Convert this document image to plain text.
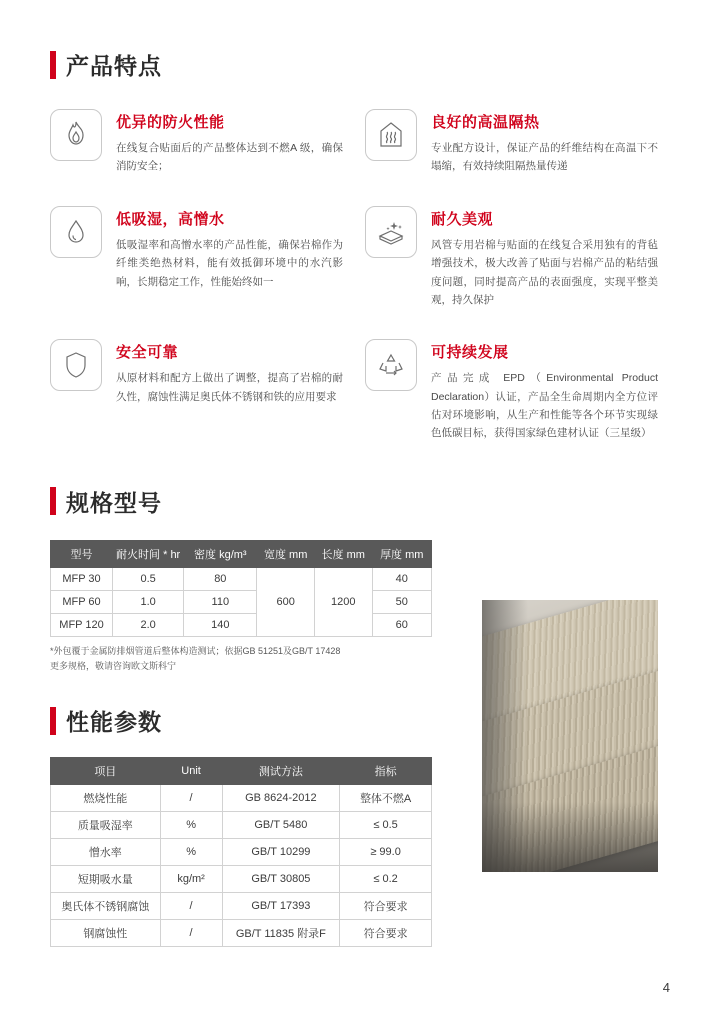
产品特点
优异的防火性能
在线复合贴面后的产品整体达到不燃A 级，确保消防安全；
良好的高温隔热
专业配方设计，保证产品的纤维结构在高温下不塌缩，有效持续阻隔热量传递
低吸湿，高憎水
低吸湿率和高憎水率的产品性能，确保岩棉作为纤维类绝热材料，能有效抵御环境中的水汽影响，长期稳定工作，性能始终如一
耐久美观
风管专用岩棉与贴面的在线复合采用独有的背毡增强技术，极大改善了贴面与岩棉产品的粘结强度问题，同时提高产品的表面强度，实现平整美观，持久保护
安全可靠
从原材料和配方上做出了调整，提高了岩棉的耐久性，腐蚀性满足奥氏体不锈钢和铁的应用要求
可持续发展
产品完成 EPD（Environmental Product Declaration）认证，产品全生命周期内全方位评估对环境影响，从生产和性能等各个环节实现绿色低碳目标，获得国家绿色建材认证（三星级）
规格型号
型号	耐火时间 * hr	密度 kg/m³	宽度 mm	长度 mm	厚度 mm
MFP 30	0.5	80	600	1200	40
MFP 60	1.0	110			50
MFP 120	2.0	140			60
*外包覆于金属防排烟管道后整体构造测试；依据GB 51251及GB/T 17428
更多规格，敬请咨询欧文斯科宁
性能参数
项目	Unit	测试方法	指标
燃烧性能	/	GB 8624-2012	整体不燃A
质量吸湿率	%	GB/T 5480	≤ 0.5
憎水率	%	GB/T 10299	≥ 99.0
短期吸水量	kg/m²	GB/T 30805	≤ 0.2
奥氏体不锈钢腐蚀	/	GB/T 17393	符合要求
钢腐蚀性	/	GB/T 11835 附录F	符合要求
4
